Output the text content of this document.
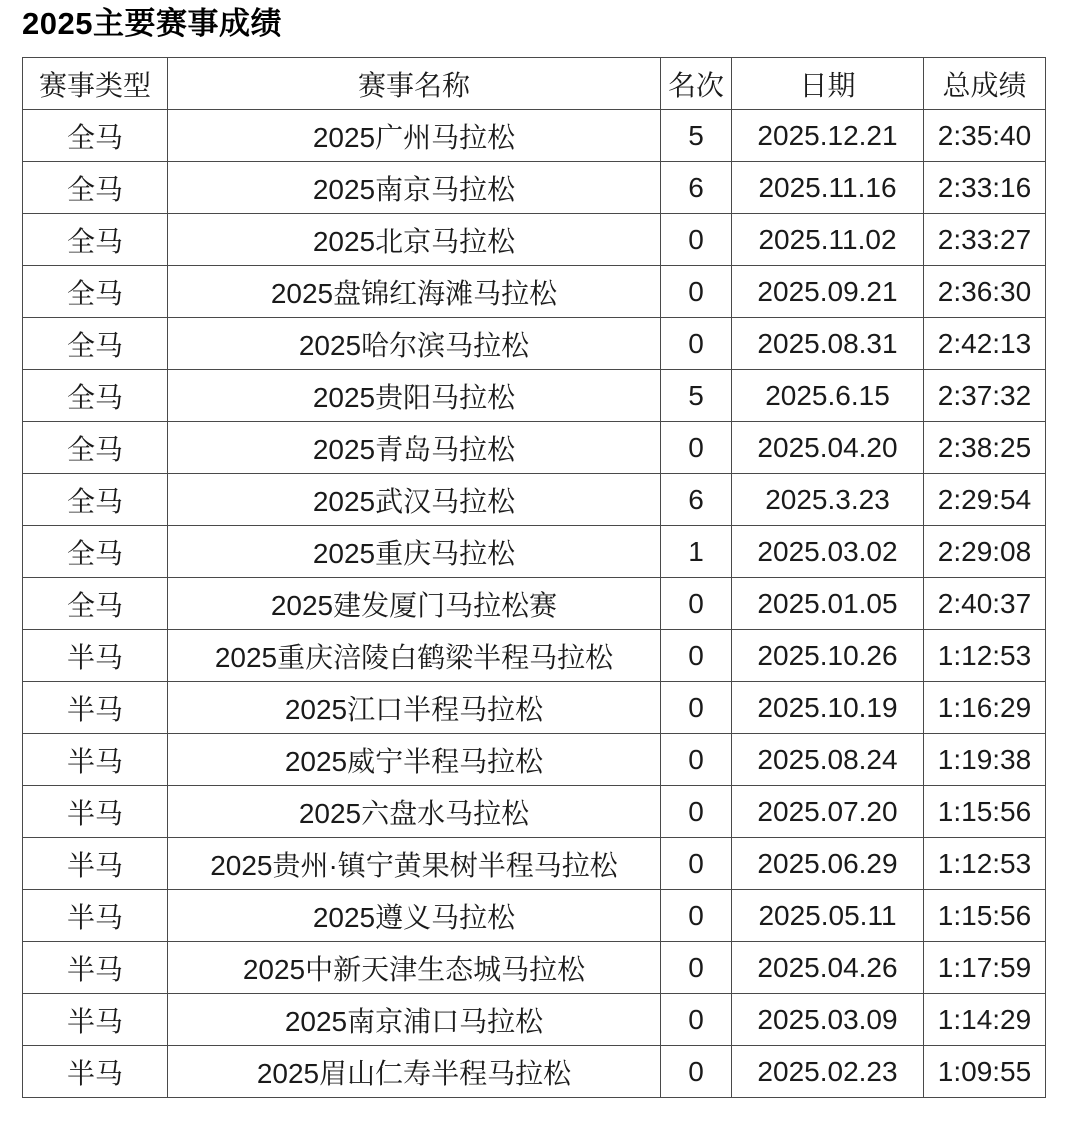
2025主要赛事成绩
赛事类型	赛事名称	名次	日期	总成绩
全马	2025广州马拉松	5	2025.12.21	2:35:40
全马	2025南京马拉松	6	2025.11.16	2:33:16
全马	2025北京马拉松	0	2025.11.02	2:33:27
全马	2025盘锦红海滩马拉松	0	2025.09.21	2:36:30
全马	2025哈尔滨马拉松	0	2025.08.31	2:42:13
全马	2025贵阳马拉松	5	2025.6.15	2:37:32
全马	2025青岛马拉松	0	2025.04.20	2:38:25
全马	2025武汉马拉松	6	2025.3.23	2:29:54
全马	2025重庆马拉松	1	2025.03.02	2:29:08
全马	2025建发厦门马拉松赛	0	2025.01.05	2:40:37
半马	2025重庆涪陵白鹤梁半程马拉松	0	2025.10.26	1:12:53
半马	2025江口半程马拉松	0	2025.10.19	1:16:29
半马	2025威宁半程马拉松	0	2025.08.24	1:19:38
半马	2025六盘水马拉松	0	2025.07.20	1:15:56
半马	2025贵州·镇宁黄果树半程马拉松	0	2025.06.29	1:12:53
半马	2025遵义马拉松	0	2025.05.11	1:15:56
半马	2025中新天津生态城马拉松	0	2025.04.26	1:17:59
半马	2025南京浦口马拉松	0	2025.03.09	1:14:29
半马	2025眉山仁寿半程马拉松	0	2025.02.23	1:09:55
